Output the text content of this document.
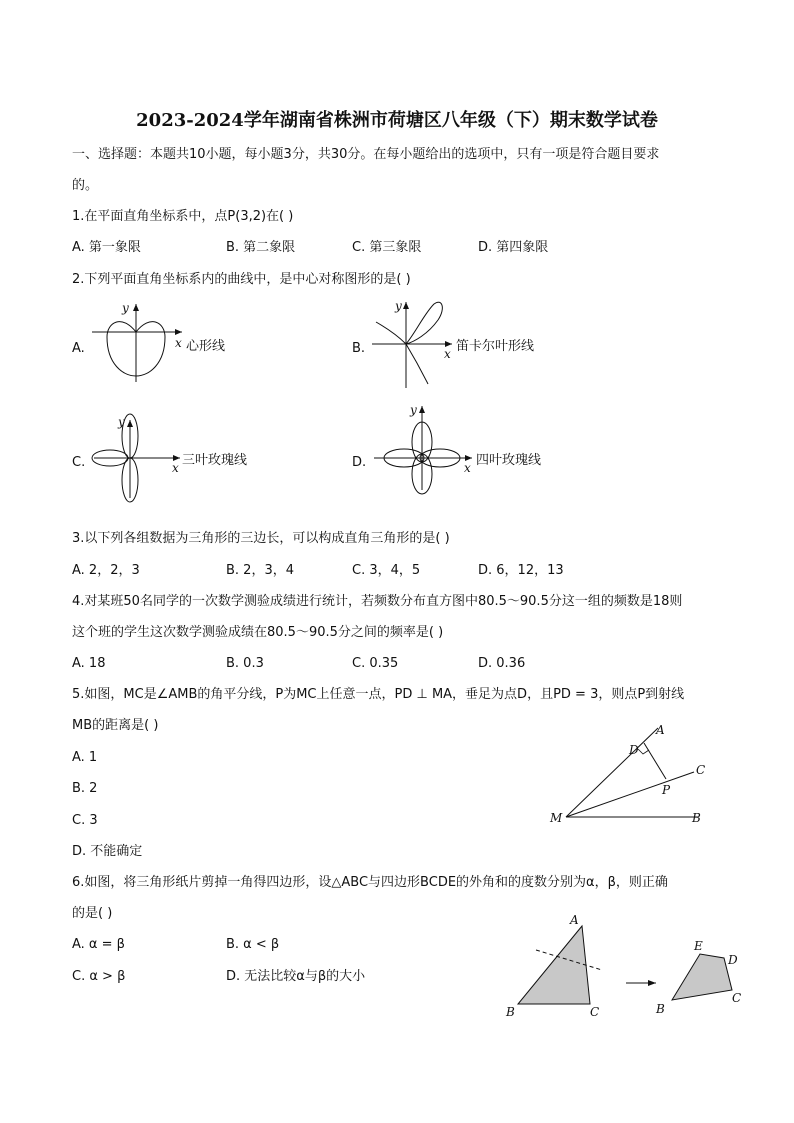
2023-2024学年湖南省株洲市荷塘区八年级（下）期末数学试卷
一、选择题：本题共10小题，每小题3分，共30分。在每小题给出的选项中，只有一项是符合题目要求
的。
1.在平面直角坐标系中，点P(3,2)在( )
A. 第一象限	B. 第二象限	C. 第三象限	D. 第四象限
2.下列平面直角坐标系内的曲线中，是中心对称图形的是( )
A.
y
x 心形线	B.
y
x 笛卡尔叶形线
C.
y
x 三叶玫瑰线	D.
y
x 四叶玫瑰线
3.以下列各组数据为三角形的三边长，可以构成直角三角形的是( )
A. 2，2，3	B. 2，3，4	C. 3，4，5	D. 6，12，13
4.对某班50名同学的一次数学测验成绩进行统计，若频数分布直方图中80.5～90.5分这一组的频数是18则
这个班的学生这次数学测验成绩在80.5～90.5分之间的频率是( )
A. 18	B. 0.3	C. 0.35	D. 0.36
5.如图，MC是∠AMB的角平分线，P为MC上任意一点，PD ⊥ MA，垂足为点D，且PD = 3，则点P到射线
MB的距离是( )
A. 1
B. 2
C. 3
D. 不能确定
M
A
D
C
P
B
6.如图，将三角形纸片剪掉一角得四边形，设△ABC与四边形BCDE的外角和的度数分别为α，β，则正确
的是( )
A. α = β	B. α < β
C. α > β	D. 无法比较α与β的大小
A
B	C
E
D
B
C
